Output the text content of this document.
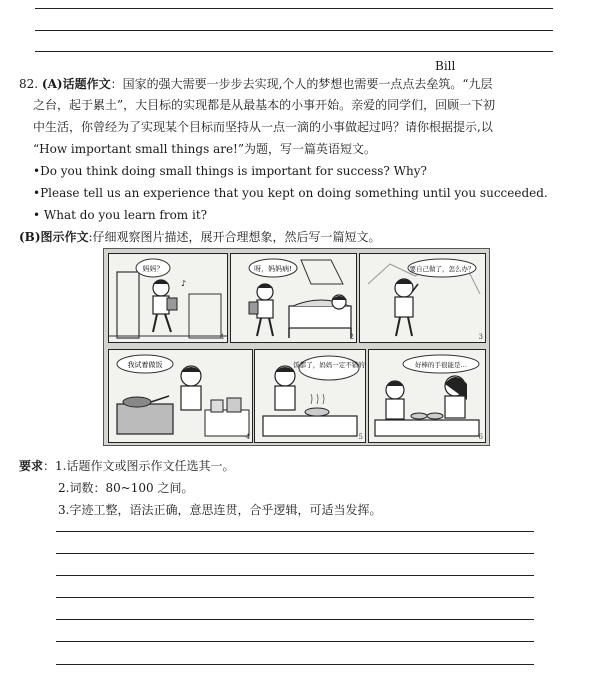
Bill
82. (A)话题作文：国家的强大需要一步步去实现,个人的梦想也需要一点点去垒筑。“九层
之台，起于累土”，大目标的实现都是从最基本的小事开始。亲爱的同学们，回顾一下初
中生活，你曾经为了实现某个目标而坚持从一点一滴的小事做起过吗？请你根据提示,以
“How important small things are!”为题，写一篇英语短文。
•Do you think doing small things is important for success? Why?
•Please tell us an experience that you kept on doing something until you succeeded.
• What do you learn from it?
(B)图示作文:仔细观察图片描述，展开合理想象，然后写一篇短文。
妈妈？
♪
1
呀，妈妈病!
2
要自己做了，怎么办？
3
我试着做饭
4
饭都了，妈妈一定不错的
5
好棒的手很能是…
6
要求：1.话题作文或图示作文任选其一。
2.词数：80~100 之间。
3.字迹工整，语法正确，意思连贯，合乎逻辑，可适当发挥。
